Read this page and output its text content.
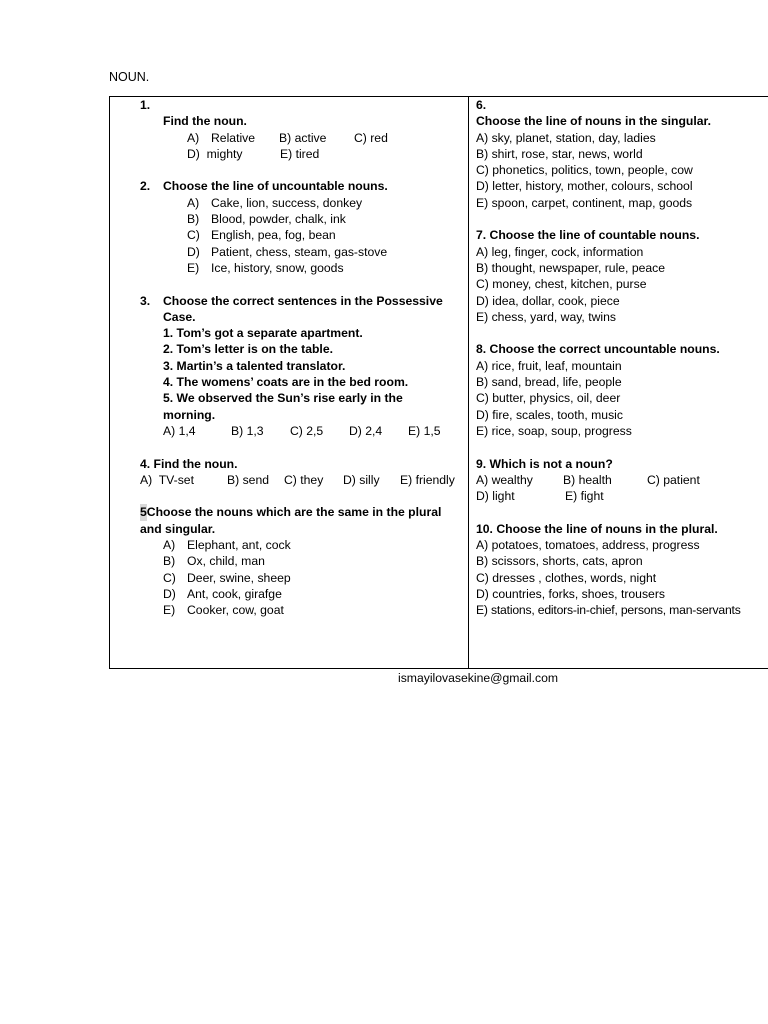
NOUN.
1.
Find the noun.
A) Relative	B) active	C) red
D)  mighty	E) tired
2.	Choose the line of uncountable nouns.
A) Cake, lion, success, donkey
B) Blood, powder, chalk, ink
C) English, pea, fog, bean
D) Patient, chess, steam, gas-stove
E) Ice, history, snow, goods
3.	Choose the correct sentences in the Possessive
Case.
1. Tom’s got a separate apartment.
2. Tom’s letter is on the table.
3. Martin’s a talented translator.
4. The womens’ coats are in the bed room.
5. We observed the Sun’s rise early in the
morning.
A) 1,4	B) 1,3	C) 2,5	D) 2,4	E) 1,5
4. Find the noun.
A)  TV-set	B) send	C) they	D) silly	E) friendly
5 Choose the nouns which are the same in the plural
and singular.
A) Elephant, ant, cock
B) Ox, child, man
C) Deer, swine, sheep
D) Ant, cook, girafge
E) Cooker, cow, goat
6.
Choose the line of nouns in the singular.
A) sky, planet, station, day, ladies
B) shirt, rose, star, news, world
C) phonetics, politics, town, people, cow
D) letter, history, mother, colours, school
E) spoon, carpet, continent, map, goods
7. Choose the line of countable nouns.
A) leg, finger, cock, information
B) thought, newspaper, rule, peace
C) money, chest, kitchen, purse
D) idea, dollar, cook, piece
E) chess, yard, way, twins
8. Choose the correct uncountable nouns.
A) rice, fruit, leaf, mountain
B) sand, bread, life, people
C) butter, physics, oil, deer
D) fire, scales, tooth, music
E) rice, soap, soup, progress
9. Which is not a noun?
A) wealthy	B) health	C) patient
D) light	E) fight
10. Choose the line of nouns in the plural.
A) potatoes, tomatoes, address, progress
B) scissors, shorts, cats, apron
C) dresses , clothes, words, night
D) countries, forks, shoes, trousers
E) stations, editors-in-chief, persons, man-servants
ismayilovasekine@gmail.com
